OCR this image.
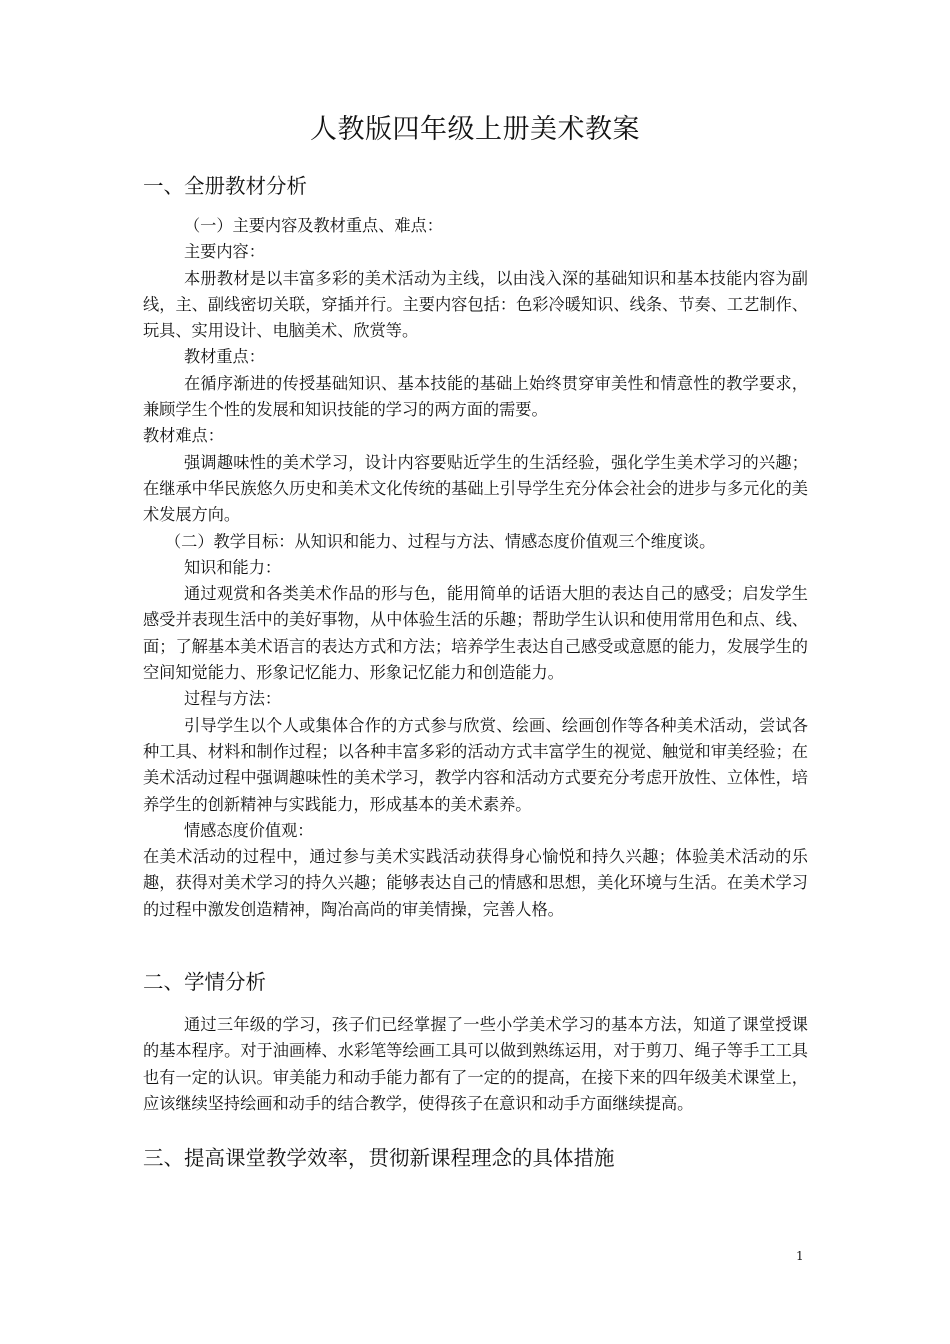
人教版四年级上册美术教案
一、全册教材分析

（一）主要内容及教材重点、难点：

主要内容：

本册教材是以丰富多彩的美术活动为主线，以由浅入深的基础知识和基本技能内容为副线，主、副线密切关联，穿插并行。主要内容包括：色彩冷暖知识、线条、节奏、工艺制作、玩具、实用设计、电脑美术、欣赏等。

教材重点：

在循序渐进的传授基础知识、基本技能的基础上始终贯穿审美性和情意性的教学要求，兼顾学生个性的发展和知识技能的学习的两方面的需要。

教材难点：

强调趣味性的美术学习，设计内容要贴近学生的生活经验，强化学生美术学习的兴趣；在继承中华民族悠久历史和美术文化传统的基础上引导学生充分体会社会的进步与多元化的美术发展方向。

（二）教学目标：从知识和能力、过程与方法、情感态度价值观三个维度谈。

知识和能力：

通过观赏和各类美术作品的形与色，能用简单的话语大胆的表达自己的感受；启发学生感受并表现生活中的美好事物，从中体验生活的乐趣；帮助学生认识和使用常用色和点、线、面；了解基本美术语言的表达方式和方法；培养学生表达自己感受或意愿的能力，发展学生的空间知觉能力、形象记忆能力、形象记忆能力和创造能力。

过程与方法：

引导学生以个人或集体合作的方式参与欣赏、绘画、绘画创作等各种美术活动，尝试各种工具、材料和制作过程；以各种丰富多彩的活动方式丰富学生的视觉、触觉和审美经验；在美术活动过程中强调趣味性的美术学习，教学内容和活动方式要充分考虑开放性、立体性，培养学生的创新精神与实践能力，形成基本的美术素养。

情感态度价值观：

在美术活动的过程中，通过参与美术实践活动获得身心愉悦和持久兴趣；体验美术活动的乐趣，获得对美术学习的持久兴趣；能够表达自己的情感和思想，美化环境与生活。在美术学习的过程中激发创造精神，陶冶高尚的审美情操，完善人格。

二、学情分析

通过三年级的学习，孩子们已经掌握了一些小学美术学习的基本方法，知道了课堂授课的基本程序。对于油画棒、水彩笔等绘画工具可以做到熟练运用，对于剪刀、绳子等手工工具也有一定的认识。审美能力和动手能力都有了一定的的提高，在接下来的四年级美术课堂上，应该继续坚持绘画和动手的结合教学，使得孩子在意识和动手方面继续提高。

三、提高课堂教学效率，贯彻新课程理念的具体措施
1
